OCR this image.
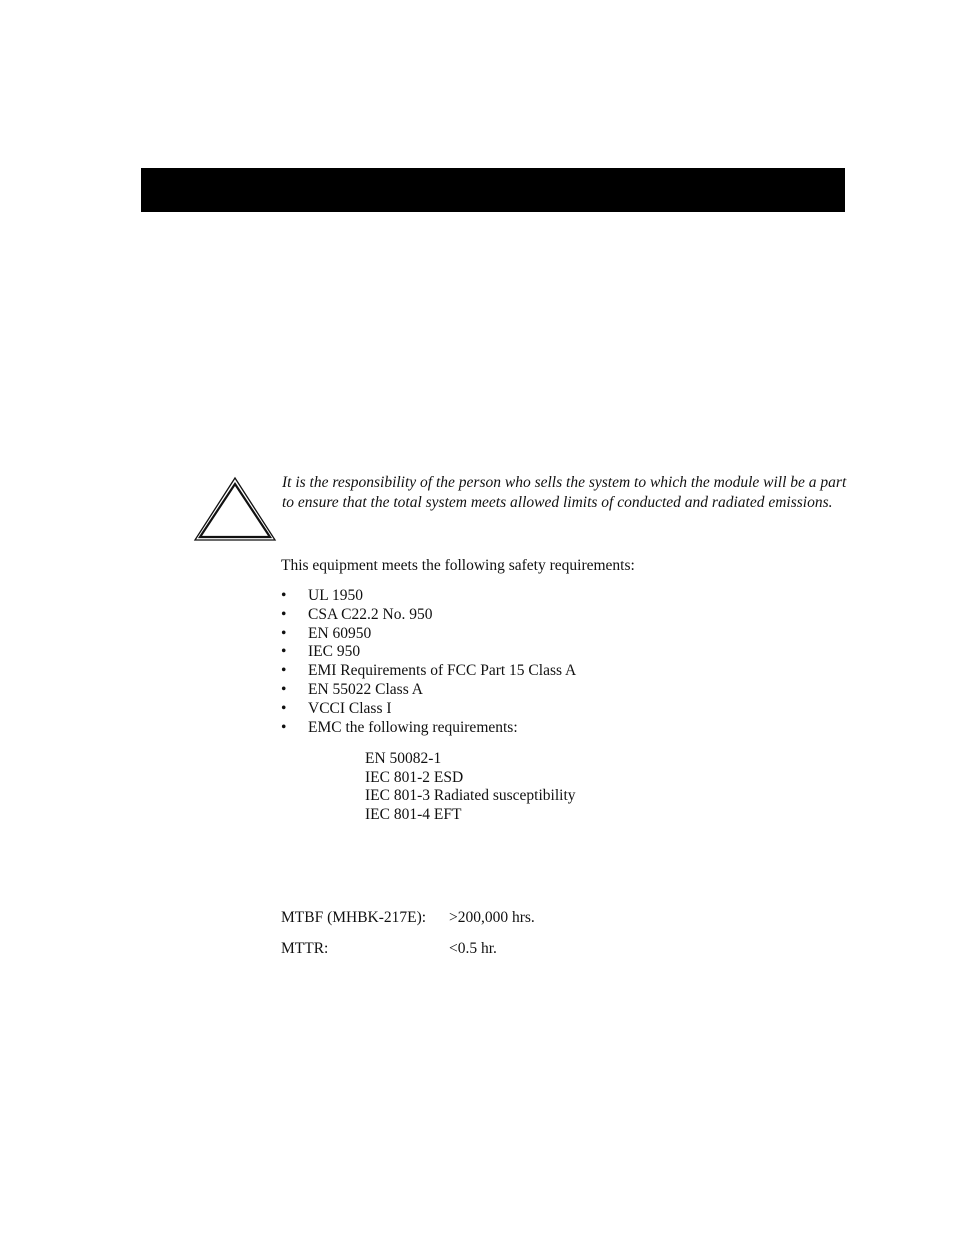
It is the responsibility of the person who sells the system to which the module will be a part to ensure that the total system meets allowed limits of conducted and radiated emissions.

This equipment meets the following safety requirements:

• UL 1950
• CSA C22.2 No. 950
• EN 60950
• IEC 950
• EMI Requirements of FCC Part 15 Class A
• EN 55022 Class A
• VCCI Class I
• EMC the following requirements:
EN 50082-1
IEC 801-2 ESD
IEC 801-3 Radiated susceptibility
IEC 801-4 EFT
MTBF (MHBK-217E): >200,000 hrs.
MTTR:	<0.5 hr.
